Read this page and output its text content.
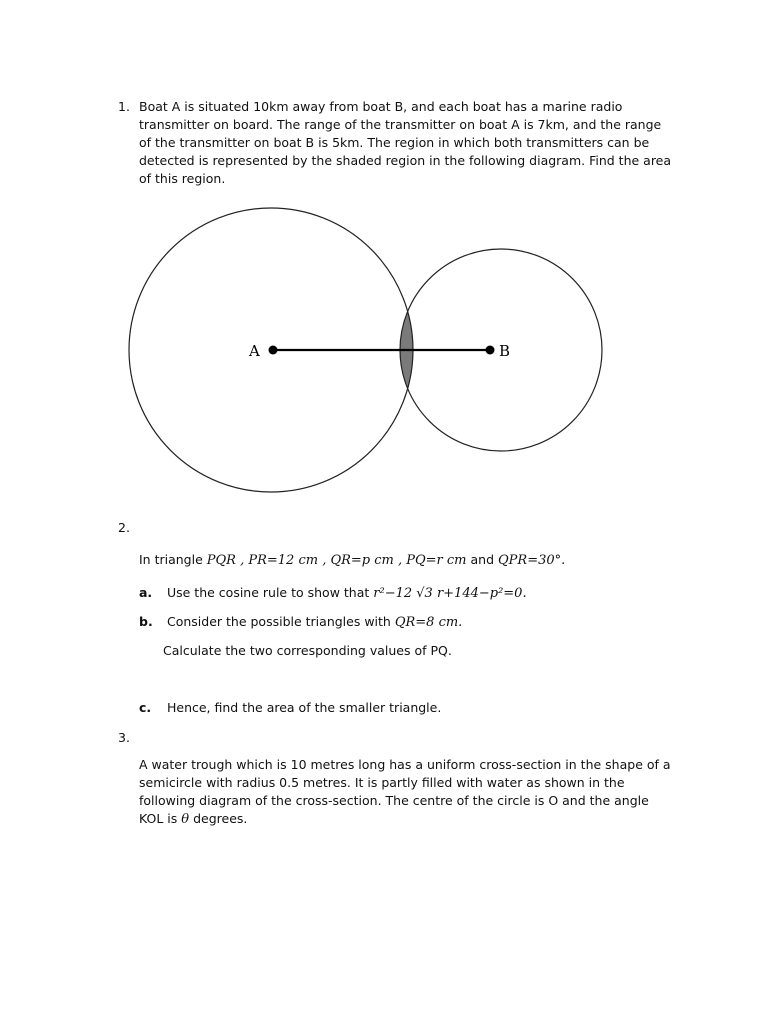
1. Boat A is situated 10km away from boat B, and each boat has a marine radio

transmitter on board. The range of the transmitter on boat A is 7km, and the range

of the transmitter on boat B is 5km. The region in which both transmitters can be

detected is represented by the shaded region in the following diagram. Find the area

of this region.

A	B
2.
In triangle PQR , PR=12 cm , QR=p cm , PQ=r cm and QPR=30°.
a. Use the cosine rule to show that r²−12 √3 r+144−p²=0.
b. Consider the possible triangles with QR=8 cm.
Calculate the two corresponding values of PQ.
c. Hence, find the area of the smaller triangle.
3.
A water trough which is 10 metres long has a uniform cross-section in the shape of a
semicircle with radius 0.5 metres. It is partly filled with water as shown in the
following diagram of the cross-section. The centre of the circle is O and the angle
KOL is θ degrees.
